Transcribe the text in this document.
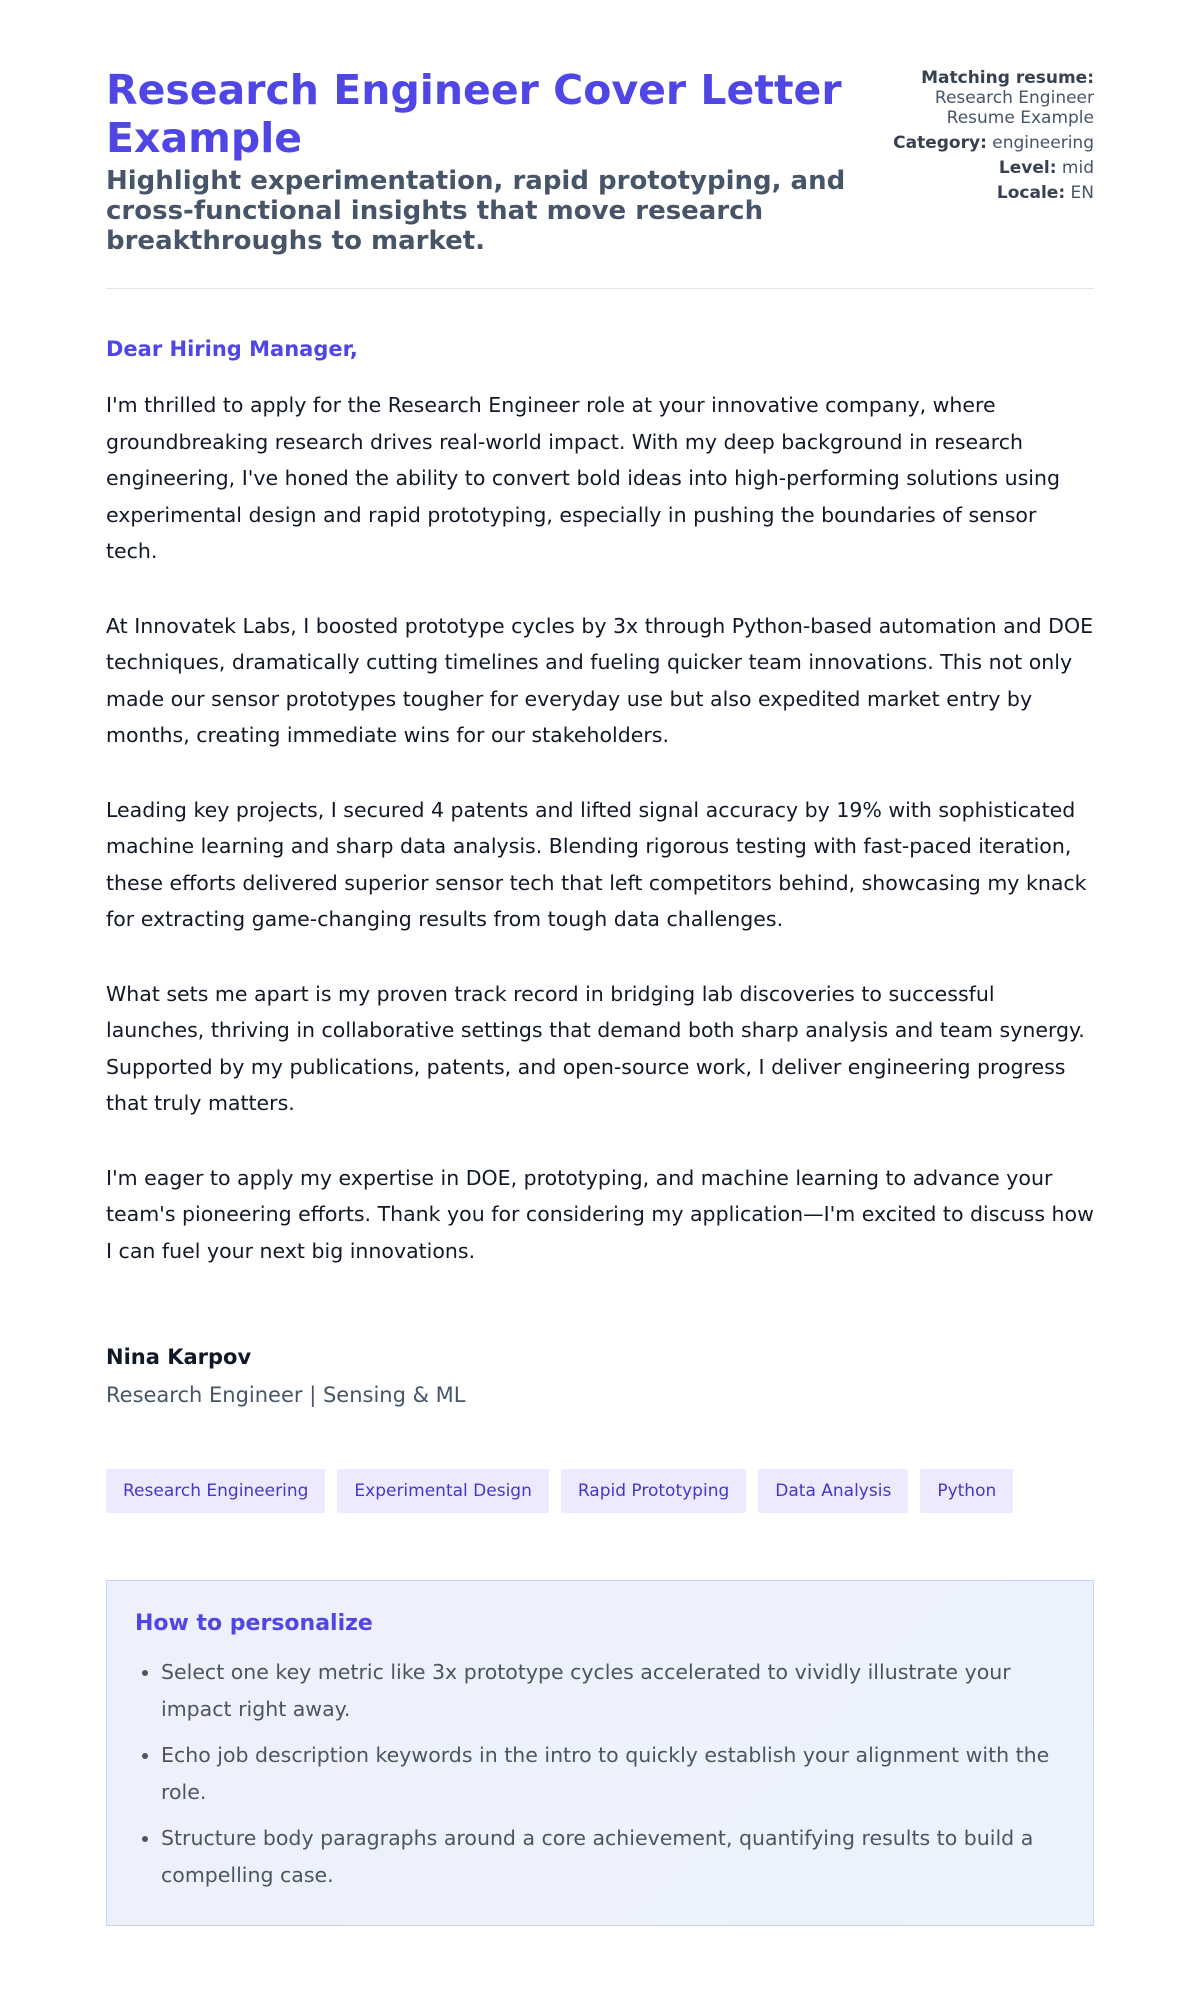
Research Engineer Cover Letter Example

Highlight experimentation, rapid prototyping, and cross-functional insights that move research breakthroughs to market.

Matching resume:
Research Engineer
Resume Example
Category: engineering
Level: mid
Locale: EN

Dear Hiring Manager,

I'm thrilled to apply for the Research Engineer role at your innovative company, where groundbreaking research drives real-world impact. With my deep background in research engineering, I've honed the ability to convert bold ideas into high-performing solutions using experimental design and rapid prototyping, especially in pushing the boundaries of sensor tech.

At Innovatek Labs, I boosted prototype cycles by 3x through Python-based automation and DOE techniques, dramatically cutting timelines and fueling quicker team innovations. This not only made our sensor prototypes tougher for everyday use but also expedited market entry by months, creating immediate wins for our stakeholders.

Leading key projects, I secured 4 patents and lifted signal accuracy by 19% with sophisticated machine learning and sharp data analysis. Blending rigorous testing with fast-paced iteration, these efforts delivered superior sensor tech that left competitors behind, showcasing my knack for extracting game-changing results from tough data challenges.

What sets me apart is my proven track record in bridging lab discoveries to successful launches, thriving in collaborative settings that demand both sharp analysis and team synergy. Supported by my publications, patents, and open-source work, I deliver engineering progress that truly matters.

I'm eager to apply my expertise in DOE, prototyping, and machine learning to advance your team's pioneering efforts. Thank you for considering my application—I'm excited to discuss how I can fuel your next big innovations.

Nina Karpov

Research Engineer | Sensing & ML

Research Engineering	Experimental Design	Rapid Prototyping	Data Analysis	Python
How to personalize
• Select one key metric like 3x prototype cycles accelerated to vividly illustrate your impact right away.
• Echo job description keywords in the intro to quickly establish your alignment with the role.
• Structure body paragraphs around a core achievement, quantifying results to build a compelling case.
